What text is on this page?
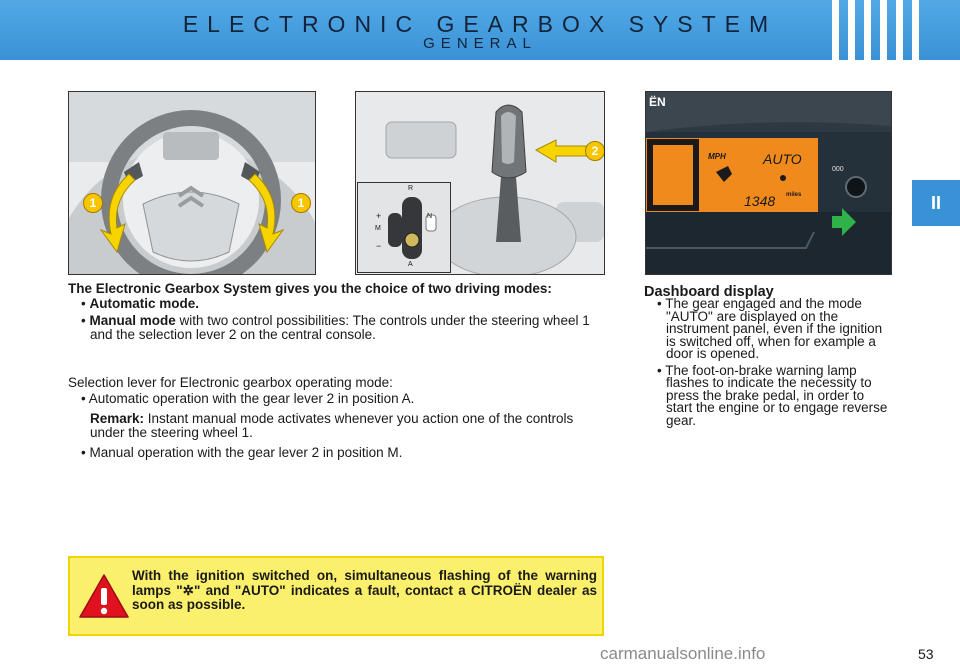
ELECTRONIC GEARBOX SYSTEM
GENERAL
II
1	1
2
R
N
A
M
+
−
ËN
MPH	AUTO
1348 miles
000

The Electronic Gearbox System gives you the choice of two driving modes:

• Automatic mode.

• Manual mode with two control possibilities: The controls under the steering wheel 1 and the selection lever 2 on the central console.

Selection lever for Electronic gearbox operating mode:

• Automatic operation with the gear lever 2 in position A.

Remark: Instant manual mode activates whenever you action one of the controls under the steering wheel 1.

• Manual operation with the gear lever 2 in position M.

Dashboard display

• The gear engaged and the mode "AUTO" are displayed on the instrument panel, even if the ignition is switched off, when for example a door is opened.

• The foot-on-brake warning lamp flashes to indicate the necessity to press the brake pedal, in order to start the engine or to engage reverse gear.

With the ignition switched on, simultaneous flashing of the warning lamps "✲" and "AUTO" indicates a fault, contact a CITROËN dealer as soon as possible.
carmanualsonline.info	53
